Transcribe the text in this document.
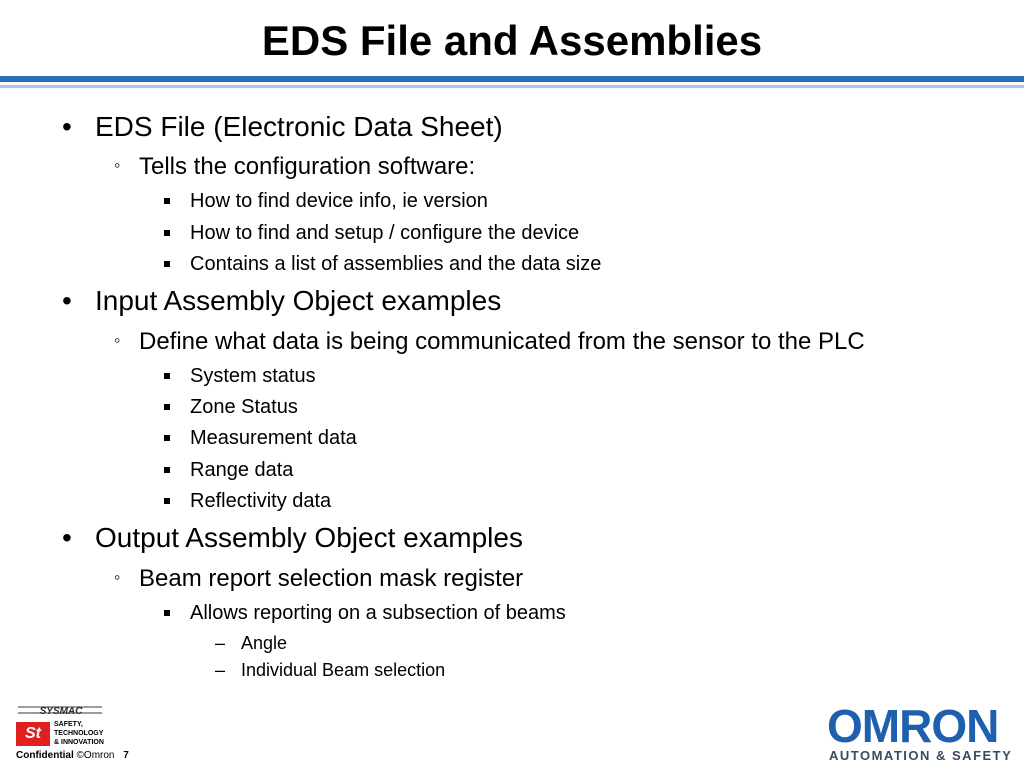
EDS File and Assemblies
• EDS File (Electronic Data Sheet)
◦ Tells the configuration software:
How to find device info, ie version
How to find and setup / configure the device
Contains a list of assemblies and the data size
• Input Assembly Object examples
◦ Define what data is being communicated from the sensor to the PLC
System status
Zone Status
Measurement data
Range data
Reflectivity data
• Output Assembly Object examples
◦ Beam report selection mask register
Allows reporting on a subsection of beams
– Angle
– Individual Beam selection
SYSMAC
St
SAFETY,
TECHNOLOGY
& INNOVATION
Confidential ©Omron 7
OMRON
AUTOMATION & SAFETY
